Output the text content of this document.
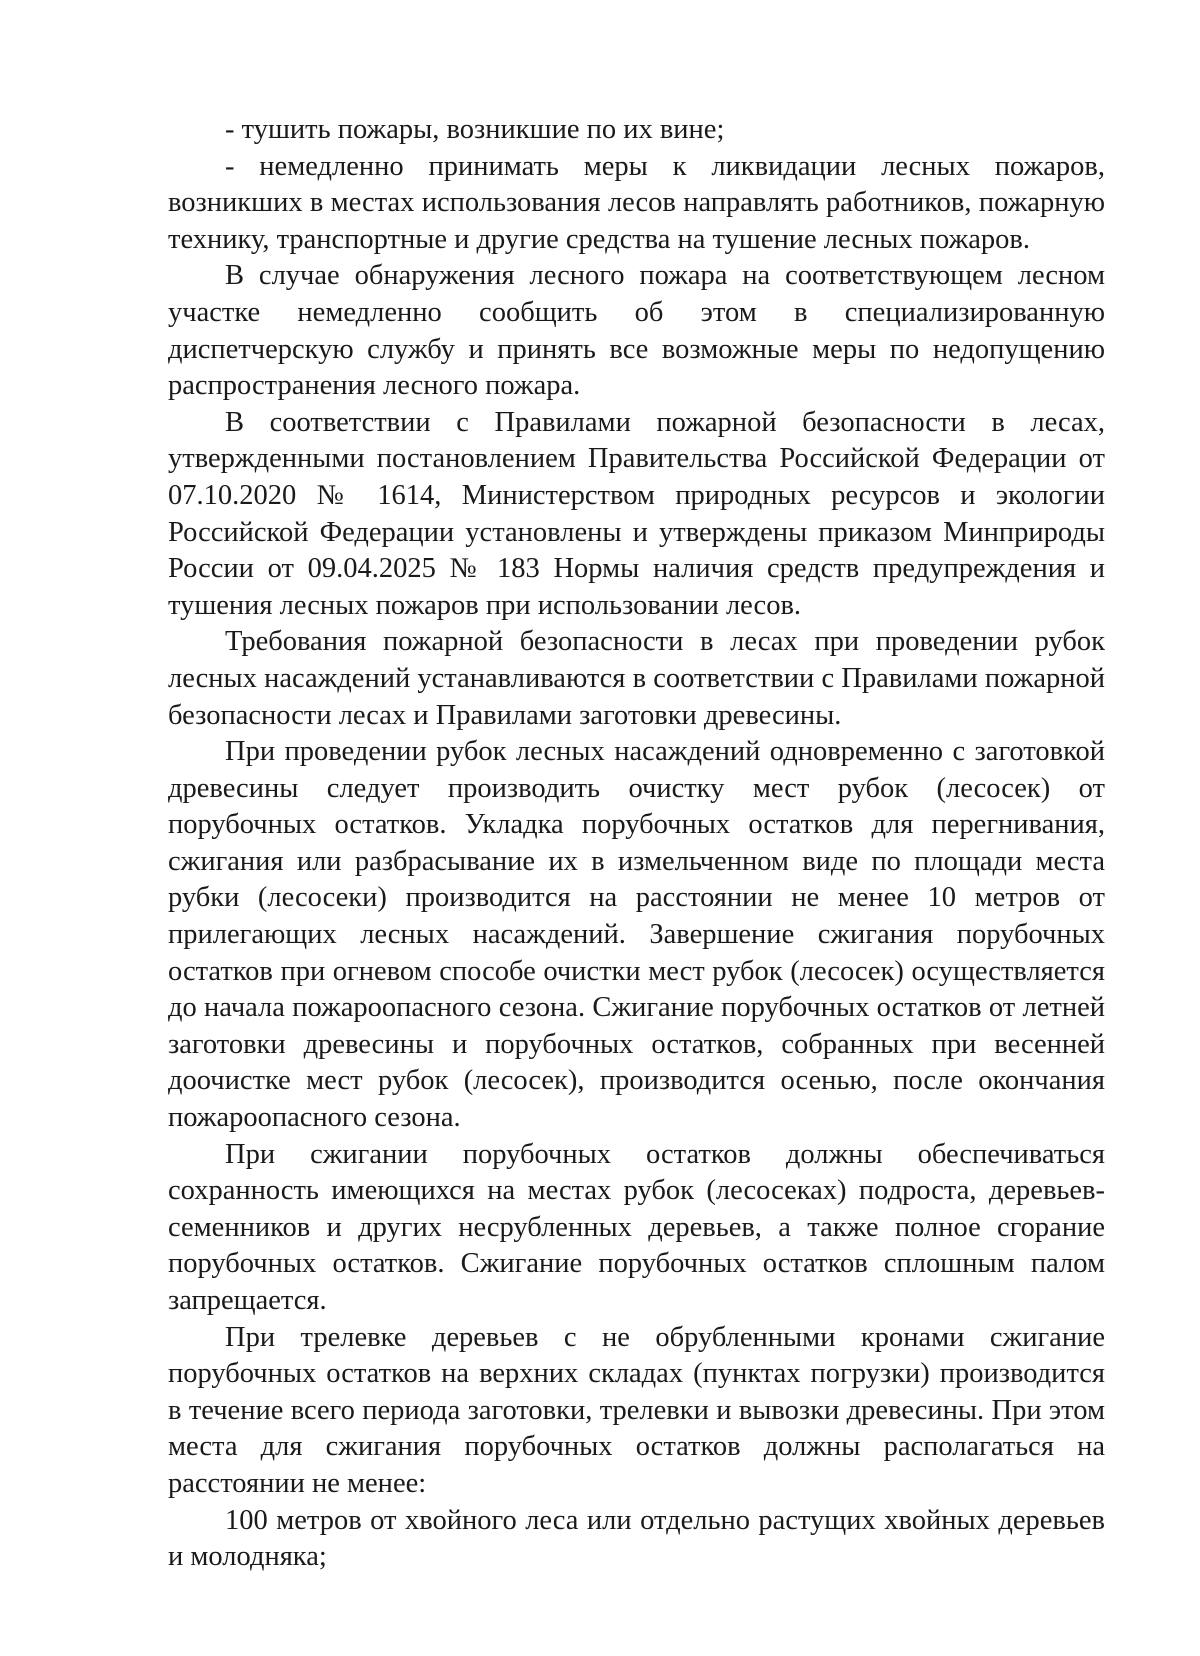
- тушить пожары, возникшие по их вине;

- немедленно принимать меры к ликвидации лесных пожаров, возникших в местах использования лесов направлять работников, пожарную технику, транспортные и другие средства на тушение лесных пожаров.

В случае обнаружения лесного пожара на соответствующем лесном участке немедленно сообщить об этом в специализированную диспетчерскую службу и принять все возможные меры по недопущению распространения лесного пожара.

В соответствии с Правилами пожарной безопасности в лесах, утвержденными постановлением Правительства Российской Федерации от 07.10.2020 № 1614, Министерством природных ресурсов и экологии Российской Федерации установлены и утверждены приказом Минприроды России от 09.04.2025 № 183 Нормы наличия средств предупреждения и тушения лесных пожаров при использовании лесов.

Требования пожарной безопасности в лесах при проведении рубок лесных насаждений устанавливаются в соответствии с Правилами пожарной безопасности лесах и Правилами заготовки древесины.

При проведении рубок лесных насаждений одновременно с заготовкой древесины следует производить очистку мест рубок (лесосек) от порубочных остатков. Укладка порубочных остатков для перегнивания, сжигания или разбрасывание их в измельченном виде по площади места рубки (лесосеки) производится на расстоянии не менее 10 метров от прилегающих лесных насаждений. Завершение сжигания порубочных остатков при огневом способе очистки мест рубок (лесосек) осуществляется до начала пожароопасного сезона. Сжигание порубочных остатков от летней заготовки древесины и порубочных остатков, собранных при весенней доочистке мест рубок (лесосек), производится осенью, после окончания пожароопасного сезона.

При сжигании порубочных остатков должны обеспечиваться сохранность имеющихся на местах рубок (лесосеках) подроста, деревьев-семенников и других несрубленных деревьев, а также полное сгорание порубочных остатков. Сжигание порубочных остатков сплошным палом запрещается.

При трелевке деревьев с не обрубленными кронами сжигание порубочных остатков на верхних складах (пунктах погрузки) производится в течение всего периода заготовки, трелевки и вывозки древесины. При этом места для сжигания порубочных остатков должны располагаться на расстоянии не менее:

100 метров от хвойного леса или отдельно растущих хвойных деревьев и молодняка;
